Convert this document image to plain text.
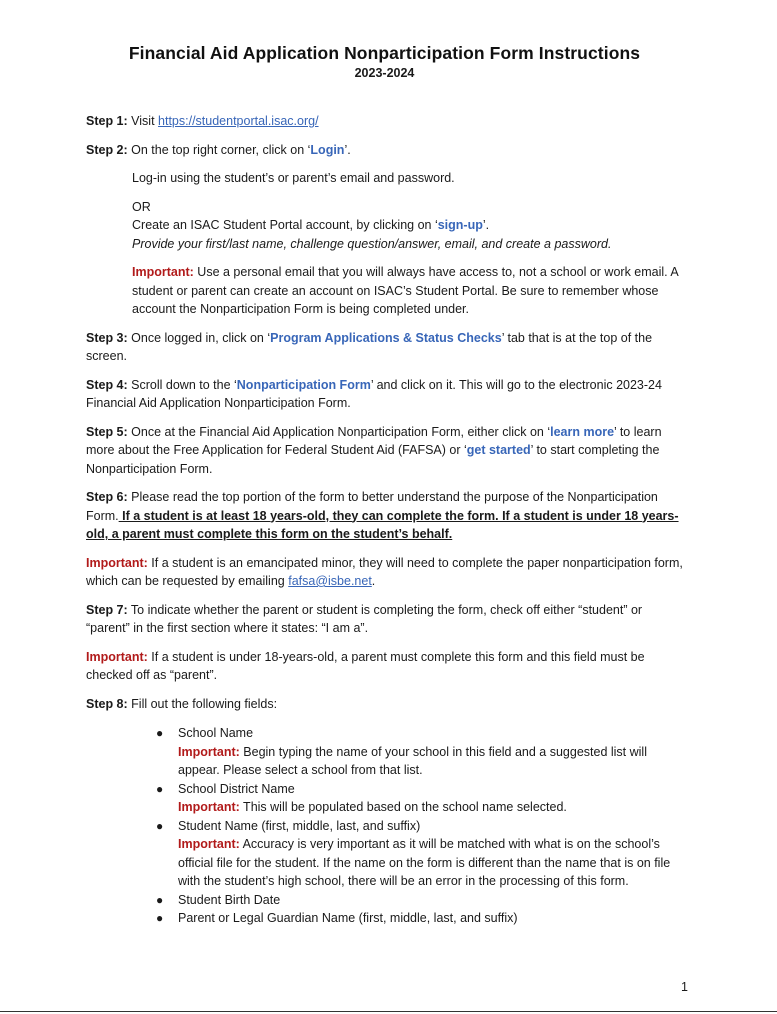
Financial Aid Application Nonparticipation Form Instructions
2023-2024

Step 1: Visit https://studentportal.isac.org/

Step 2: On the top right corner, click on ‘Login’.

Log-in using the student’s or parent’s email and password.

OR
Create an ISAC Student Portal account, by clicking on ‘sign-up’.
Provide your first/last name, challenge question/answer, email, and create a password.

Important: Use a personal email that you will always have access to, not a school or work email. A student or parent can create an account on ISAC’s Student Portal. Be sure to remember whose account the Nonparticipation Form is being completed under.

Step 3: Once logged in, click on ‘Program Applications & Status Checks’ tab that is at the top of the screen.

Step 4: Scroll down to the ‘Nonparticipation Form’ and click on it. This will go to the electronic 2023-24 Financial Aid Application Nonparticipation Form.

Step 5: Once at the Financial Aid Application Nonparticipation Form, either click on ‘learn more’ to learn more about the Free Application for Federal Student Aid (FAFSA) or ‘get started’ to start completing the Nonparticipation Form.

Step 6: Please read the top portion of the form to better understand the purpose of the Nonparticipation Form. If a student is at least 18 years-old, they can complete the form. If a student is under 18 years-old, a parent must complete this form on the student’s behalf.

Important: If a student is an emancipated minor, they will need to complete the paper nonparticipation form, which can be requested by emailing fafsa@isbe.net.

Step 7: To indicate whether the parent or student is completing the form, check off either “student” or “parent” in the first section where it states: “I am a”.

Important: If a student is under 18-years-old, a parent must complete this form and this field must be checked off as “parent”.

Step 8: Fill out the following fields:

● School Name
Important: Begin typing the name of your school in this field and a suggested list will appear. Please select a school from that list.
● School District Name
Important: This will be populated based on the school name selected.
● Student Name (first, middle, last, and suffix)
Important: Accuracy is very important as it will be matched with what is on the school’s official file for the student. If the name on the form is different than the name that is on file with the student’s high school, there will be an error in the processing of this form.
● Student Birth Date
● Parent or Legal Guardian Name (first, middle, last, and suffix)
1
